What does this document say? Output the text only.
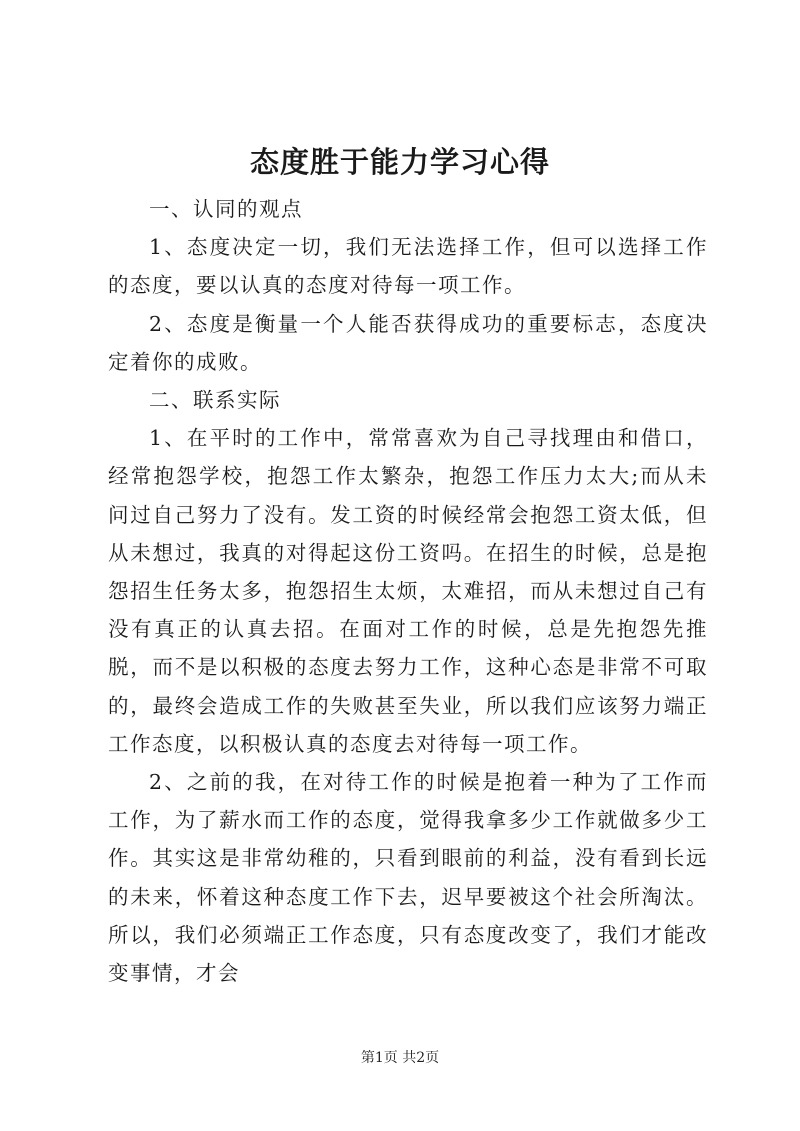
态度胜于能力学习心得

一、认同的观点

1、态度决定一切，我们无法选择工作，但可以选择工作的态度，要以认真的态度对待每一项工作。

2、态度是衡量一个人能否获得成功的重要标志，态度决定着你的成败。

二、联系实际

1、在平时的工作中，常常喜欢为自己寻找理由和借口，经常抱怨学校，抱怨工作太繁杂，抱怨工作压力太大;而从未问过自己努力了没有。发工资的时候经常会抱怨工资太低，但从未想过，我真的对得起这份工资吗。在招生的时候，总是抱怨招生任务太多，抱怨招生太烦，太难招，而从未想过自己有没有真正的认真去招。在面对工作的时候，总是先抱怨先推脱，而不是以积极的态度去努力工作，这种心态是非常不可取的，最终会造成工作的失败甚至失业，所以我们应该努力端正工作态度，以积极认真的态度去对待每一项工作。

2、之前的我，在对待工作的时候是抱着一种为了工作而工作，为了薪水而工作的态度，觉得我拿多少工作就做多少工作。其实这是非常幼稚的，只看到眼前的利益，没有看到长远的未来，怀着这种态度工作下去，迟早要被这个社会所淘汰。所以，我们必须端正工作态度，只有态度改变了，我们才能改变事情，才会

第1页 共2页
